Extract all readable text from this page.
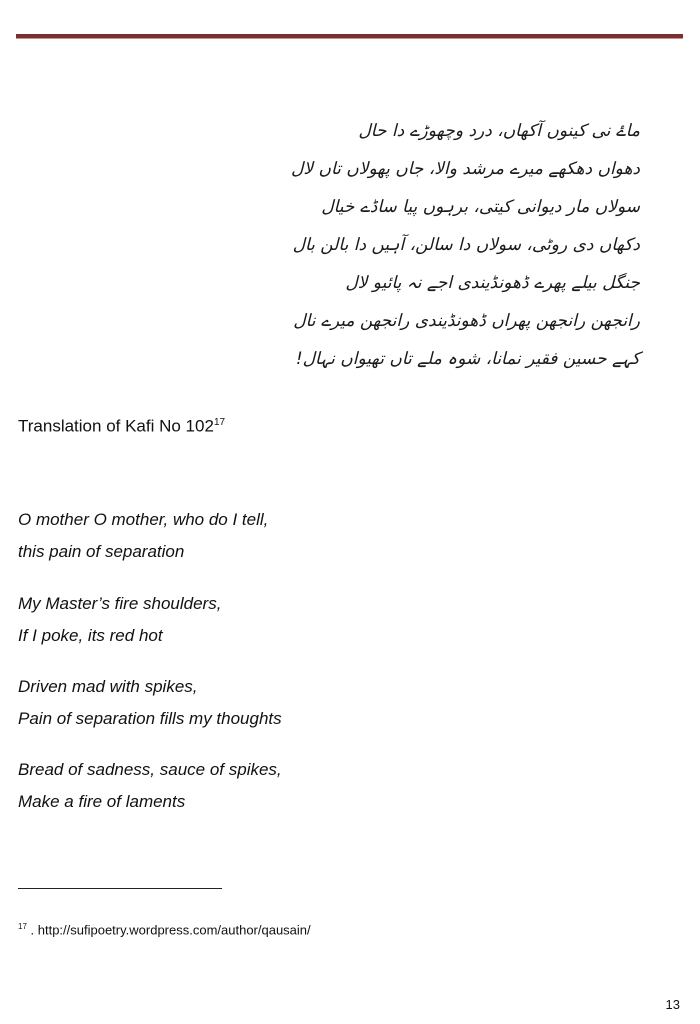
ماۓ نی کینوں آکھاں، درد وچھوڑے دا حال
دھواں دھکھے میرے مرشد والا، جاں پھولاں تاں لال
سولاں مار دیوانی کیتی، برہوں پیا ساڈے خیال
دکھاں دی روٹی، سولاں دا سالن، آہیں دا بالن بال
جنگل بیلے پھرے ڈھونڈیندی اجے نہ پائیو لال
رانجھن رانجھن پھراں ڈھونڈیندی رانجھن میرے نال
کہے حسین فقیر نمانا، شوہ ملے تاں تھیواں نہال!
Translation of Kafi No $102^{17}$
O mother O mother, who do I tell,
this pain of separation
My Master’s fire shoulders,
If I poke, its red hot
Driven mad with spikes,
Pain of separation fills my thoughts
Bread of sadness, sauce of spikes,
Make a fire of laments
$^{17}$ . http://sufipoetry.wordpress.com/author/qausain/
13
